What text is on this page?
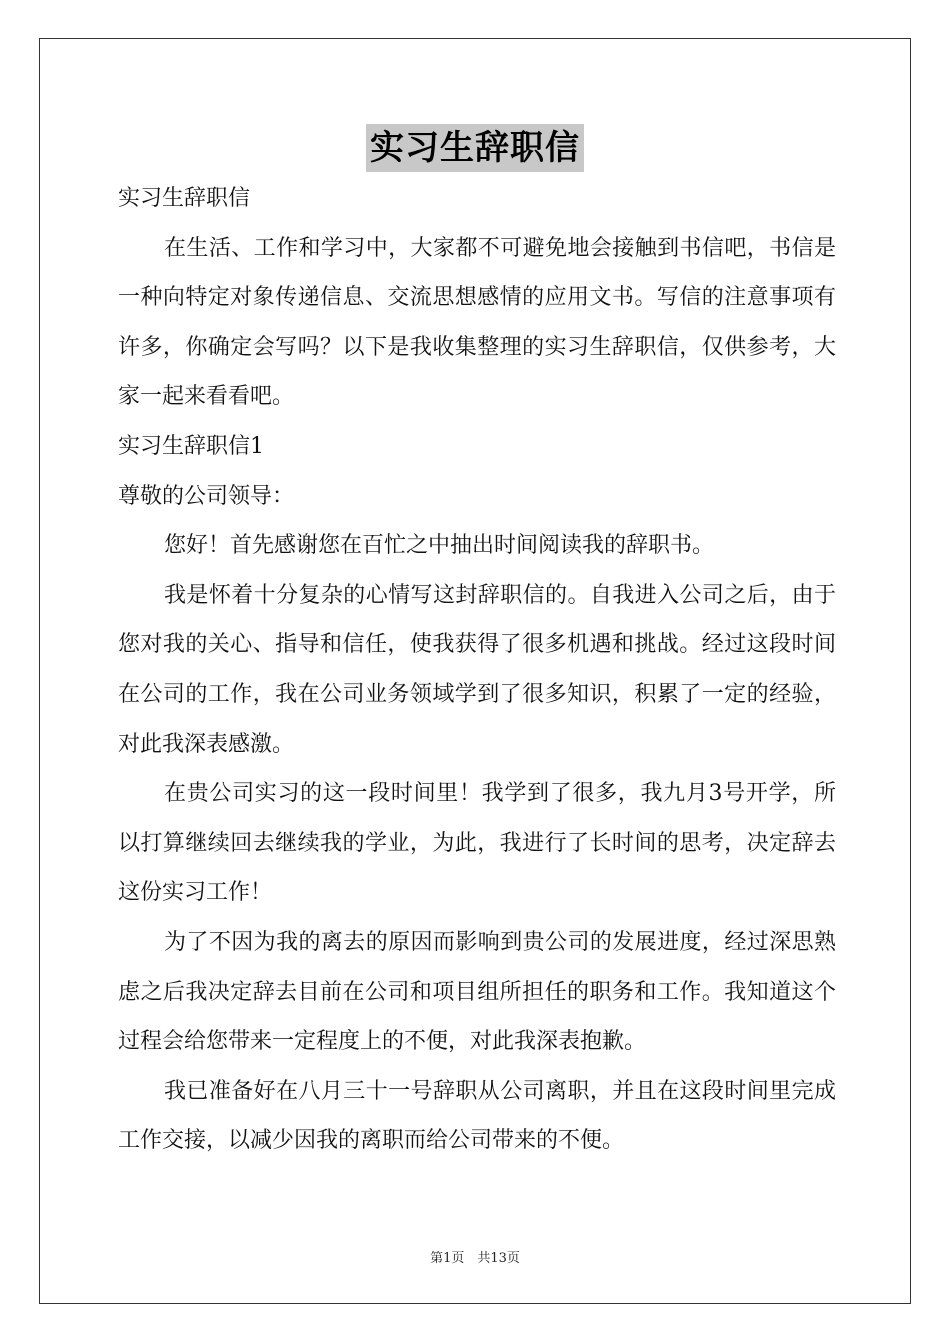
实习生辞职信

实习生辞职信

在生活、工作和学习中，大家都不可避免地会接触到书信吧，书信是一种向特定对象传递信息、交流思想感情的应用文书。写信的注意事项有许多，你确定会写吗？以下是我收集整理的实习生辞职信，仅供参考，大家一起来看看吧。

实习生辞职信1

尊敬的公司领导：

您好！首先感谢您在百忙之中抽出时间阅读我的辞职书。

我是怀着十分复杂的心情写这封辞职信的。自我进入公司之后，由于您对我的关心、指导和信任，使我获得了很多机遇和挑战。经过这段时间在公司的工作，我在公司业务领域学到了很多知识，积累了一定的经验，对此我深表感激。

在贵公司实习的这一段时间里！我学到了很多，我九月3号开学，所以打算继续回去继续我的学业，为此，我进行了长时间的思考，决定辞去这份实习工作！

为了不因为我的离去的原因而影响到贵公司的发展进度，经过深思熟虑之后我决定辞去目前在公司和项目组所担任的职务和工作。我知道这个过程会给您带来一定程度上的不便，对此我深表抱歉。

我已准备好在八月三十一号辞职从公司离职，并且在这段时间里完成工作交接，以减少因我的离职而给公司带来的不便。

第1页　共13页
